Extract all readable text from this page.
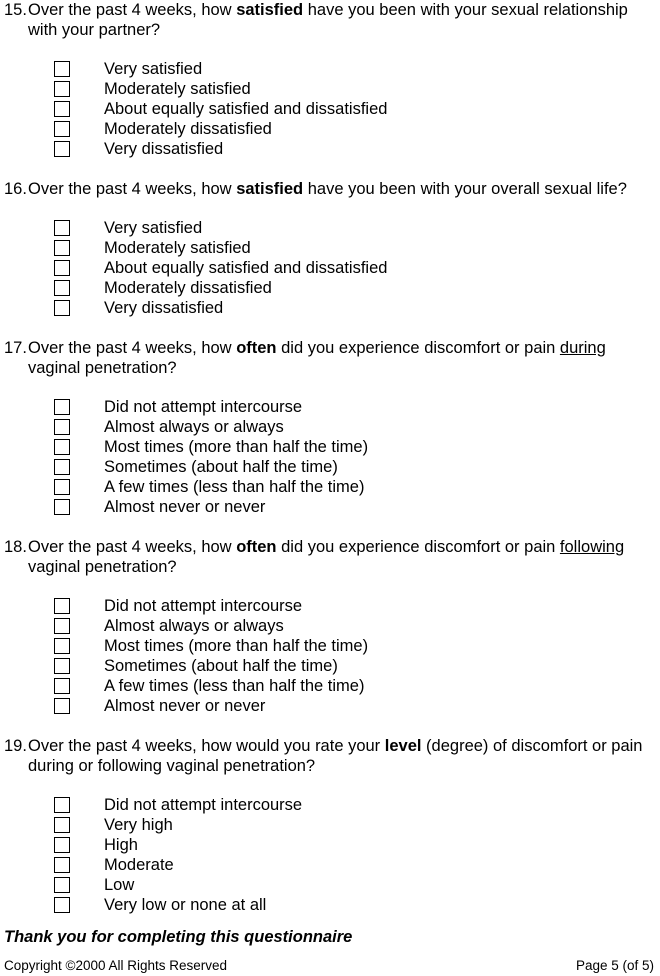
15. Over the past 4 weeks, how satisfied have you been with your sexual relationship with your partner?
Very satisfied
Moderately satisfied
About equally satisfied and dissatisfied
Moderately dissatisfied
Very dissatisfied
16. Over the past 4 weeks, how satisfied have you been with your overall sexual life?
Very satisfied
Moderately satisfied
About equally satisfied and dissatisfied
Moderately dissatisfied
Very dissatisfied
17. Over the past 4 weeks, how often did you experience discomfort or pain during vaginal penetration?
Did not attempt intercourse
Almost always or always
Most times (more than half the time)
Sometimes (about half the time)
A few times (less than half the time)
Almost never or never
18. Over the past 4 weeks, how often did you experience discomfort or pain following vaginal penetration?
Did not attempt intercourse
Almost always or always
Most times (more than half the time)
Sometimes (about half the time)
A few times (less than half the time)
Almost never or never
19. Over the past 4 weeks, how would you rate your level (degree) of discomfort or pain during or following vaginal penetration?
Did not attempt intercourse
Very high
High
Moderate
Low
Very low or none at all
Thank you for completing this questionnaire
Copyright ©2000 All Rights Reserved	Page 5 (of 5)
